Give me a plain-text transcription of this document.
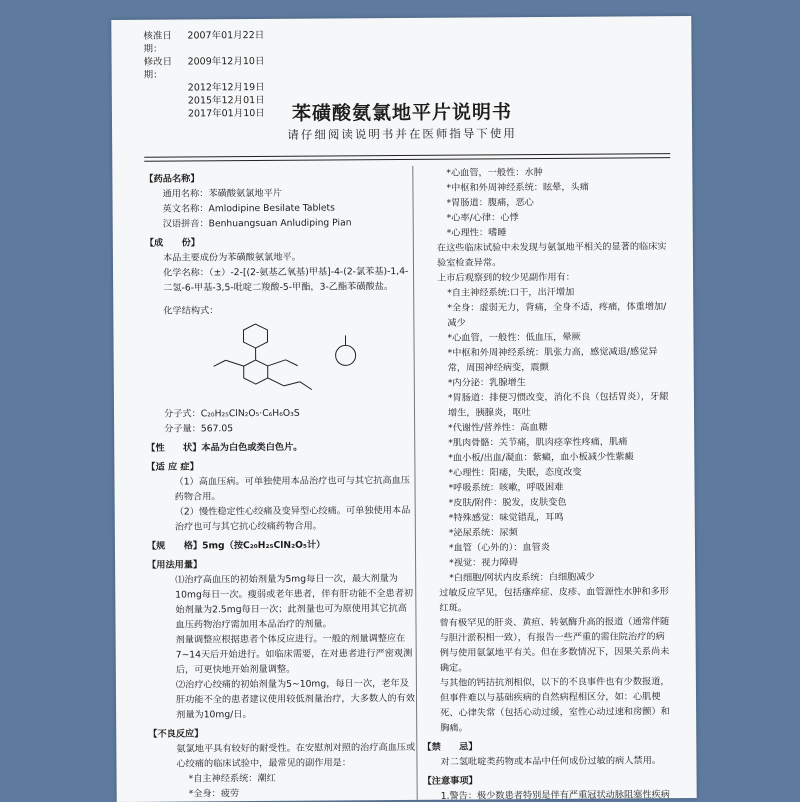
核准日期：
2007年01月22日
修改日期：
2009年12月10日
2012年12月19日
2015年12月01日
2017年01月10日	苯磺酸氨氯地平片说明书
请仔细阅读说明书并在医师指导下使用
【药品名称】

通用名称：苯磺酸氨氯地平片

英文名称：Amlodipine Besilate Tablets

汉语拼音：Benhuangsuan Anludiping Pian

【成　　份】

本品主要成份为苯磺酸氨氯地平。

化学名称：（±）-2-[(2-氨基乙氧基)甲基]-4-(2-氯苯基)-1,4-二氢-6-甲基-3,5-吡啶二羧酸-5-甲酯，3-乙酯苯磺酸盐。

化学结构式：

分子式：C₂₀H₂₅ClN₂O₅·C₆H₆O₃S

分子量：567.05

【性　　状】本品为白色或类白色片。
【适 应 症】

（1）高血压病。可单独使用本品治疗也可与其它抗高血压药物合用。

（2）慢性稳定性心绞痛及变异型心绞痛。可单独使用本品治疗也可与其它抗心绞痛药物合用。

【规　　格】5mg（按C₂₀H₂₅ClN₂O₅计）
【用法用量】

⑴治疗高血压的初始剂量为5mg每日一次，最大剂量为10mg每日一次。瘦弱或老年患者，伴有肝功能不全患者初始剂量为2.5mg每日一次；此剂量也可为原使用其它抗高血压药物治疗需加用本品治疗的剂量。

剂量调整应根据患者个体反应进行。一般的剂量调整应在7~14天后开始进行。如临床需要，在对患者进行严密观测后，可更快地开始剂量调整。

⑵治疗心绞痛的初始剂量为5~10mg，每日一次，老年及肝功能不全的患者建议使用较低剂量治疗，大多数人的有效剂量为10mg/日。

【不良反应】

氨氯地平具有较好的耐受性。在安慰剂对照的治疗高血压或心绞痛的临床试验中，最常见的副作用是：

*自主神经系统：潮红

*全身：疲劳

*心血管，一般性：水肿

*中枢和外周神经系统：眩晕，头痛

*胃肠道：腹痛，恶心

*心率/心律：心悸

*心理性：嗜睡

在这些临床试验中未发现与氨氯地平相关的显著的临床实验室检查异常。

上市后观察到的较少见副作用有：

*自主神经系统:口干，出汗增加

*全身：虚弱无力，背痛，全身不适，疼痛，体重增加/减少

*心血管，一般性：低血压，晕厥

*中枢和外周神经系统：肌张力高，感觉减退/感觉异常，周围神经病变，震颤

*内分泌：乳腺增生

*胃肠道：排便习惯改变，消化不良（包括胃炎），牙龈增生，胰腺炎，呕吐

*代谢性/营养性：高血糖

*肌肉骨骼：关节痛，肌肉痉挛性疼痛，肌痛

*血小板/出血/凝血：紫癜，血小板减少性紫癜

*心理性：阳痿，失眠，态度改变

*呼吸系统：咳嗽，呼吸困难

*皮肤/附件：脱发，皮肤变色

*特殊感觉：味觉错乱，耳鸣

*泌尿系统：尿频

*血管（心外的）：血管炎

*视觉：视力障碍

*白细胞/网状内皮系统：白细胞减少

过敏反应罕见，包括瘙痒症、皮疹、血管源性水肿和多形红斑。

曾有极罕见的肝炎、黄疸、转氨酶升高的报道（通常伴随与胆汁淤积相一致），有报告一些严重的需住院治疗的病例与使用氨氯地平有关。但在多数情况下，因果关系尚未确定。

与其他的钙拮抗剂相似，以下的不良事件也有少数报道，但事件难以与基础疾病的自然病程相区分，如：心肌梗死、心律失常（包括心动过缓，室性心动过速和房颤）和胸痛。

【禁　　忌】

对二氢吡啶类药物或本品中任何成份过敏的病人禁用。

【注意事项】

1.警告：极少数患者特别是伴有严重冠状动脉阻塞性疾病
